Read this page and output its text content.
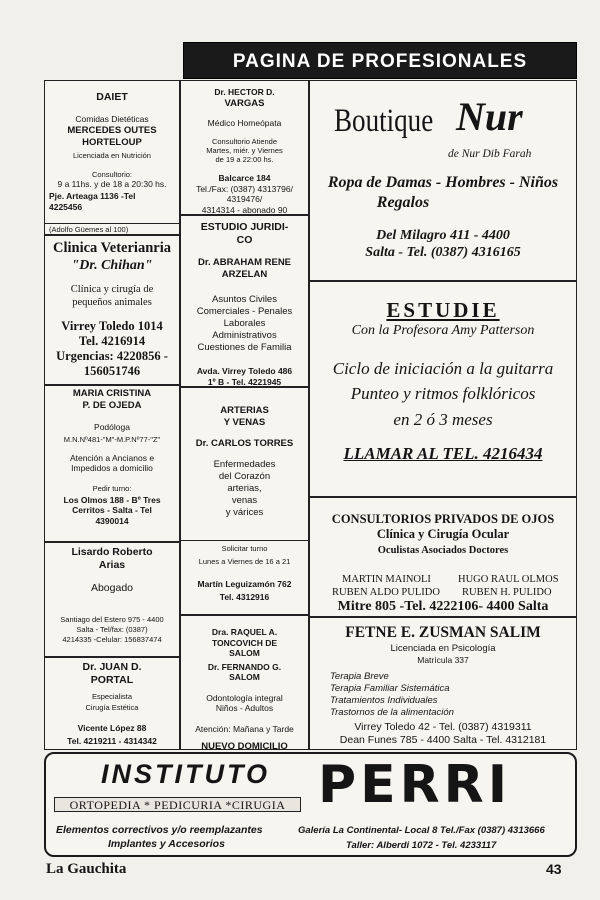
PAGINA DE PROFESIONALES
DAIET
Comidas Dietéticas
MERCEDES OUTES
HORTELOUP
Licenciada en Nutrición
Consultorio:
9 a 11hs. y de 18 a 20:30 hs.
Pje. Arteaga 1136 -Tel
4225456
(Adolfo Güemes al 100)
Clinica Veterianria
"Dr. Chihan"
Clínica y cirugía de
pequeños animales
Virrey Toledo 1014
Tel. 4216914
Urgencias: 4220856 -
156051746
MARIA CRISTINA
P. DE OJEDA
Podóloga
M.N.Nº481-"M"-M.P.Nº77-"Z"
Atención a Ancianos e
Impedidos a domicilio
Pedir turno:
Los Olmos 188 - Bº Tres
Cerritos - Salta - Tel
4390014
Lisardo Roberto
Arias
Abogado
Santiago del Estero 975 - 4400
Salta - Tel/fax: (0387)
4214335 -Celular: 156837474
Dr. JUAN D.
PORTAL
Especialista
Cirugía Estética
Vicente López 88
Tel. 4219211 - 4314342
Dr. HECTOR D.
VARGAS
Médico Homeópata
Consultorio Atiende
Martes, miér. y Viernes
de 19 a 22:00 hs.
Balcarce 184
Tel./Fax: (0387) 4313796/
4319476/
4314314 - abonado 90
ESTUDIO JURIDI-
CO
Dr. ABRAHAM RENE
ARZELAN
Asuntos Civiles
Comerciales - Penales
Laborales
Administrativos
Cuestiones de Familia
Avda. Virrey Toledo 486
1º B - Tel. 4221945
ARTERIAS
Y VENAS
Dr. CARLOS TORRES
Enfermedades
del Corazón
arterias,
venas
y várices
Solicitar turno
Lunes a Viernes de 16 a 21
Martín Leguizamón 762
Tel. 4312916
Dra. RAQUEL A.
TONCOVICH DE
SALOM
Dr. FERNANDO G.
SALOM
Odontología integral
Niños - Adultos
Atención: Mañana y Tarde
NUEVO DOMICILIO
Boutique Nur
de Nur Dib Farah
Ropa de Damas - Hombres - Niños
Regalos
Del Milagro 411 - 4400
Salta - Tel. (0387) 4316165
ESTUDIE
Con la Profesora Amy Patterson
Ciclo de iniciación a la guitarra
Punteo y ritmos folklóricos
en 2 ó 3 meses
LLAMAR AL TEL. 4216434
CONSULTORIOS PRIVADOS DE OJOS
Clínica y Cirugía Ocular
Oculistas Asociados Doctores
MARTIN MAINOLI	HUGO RAUL OLMOS
RUBEN ALDO PULIDO RUBEN H. PULIDO
Mitre 805 -Tel. 4222106- 4400 Salta
FETNE E. ZUSMAN SALIM
Licenciada en Psicología
Matrícula 337
Terapia Breve
Terapia Familiar Sistemática
Tratamientos Individuales
Trastornos de la alimentación
Virrey Toledo 42 - Tel. (0387) 4319311
Dean Funes 785 - 4400 Salta - Tel. 4312181
INSTITUTO
ORTOPEDIA * PEDICURIA *CIRUGIA
Elementos correctivos y/o reemplazantes
Implantes y Accesorios
PERRI
Galería La Continental- Local 8 Tel./Fax (0387) 4313666
Taller: Alberdi 1072 - Tel. 4233117
La Gauchita	43
